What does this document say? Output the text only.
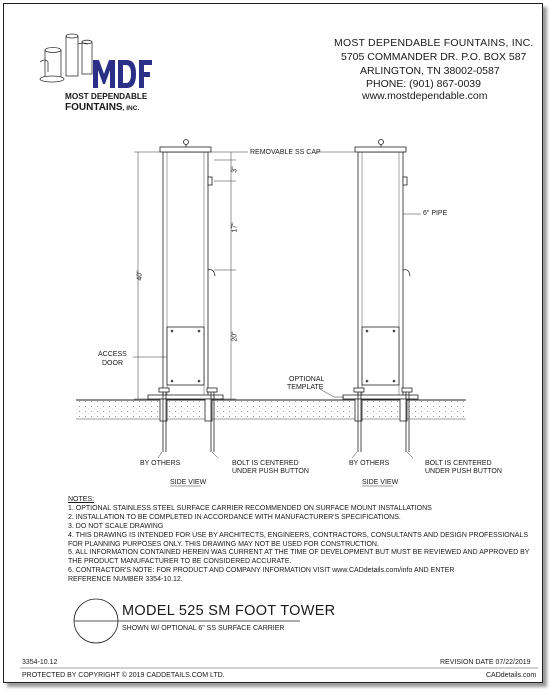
MOST DEPENDABLE
FOUNTAINS, INC.
MOST DEPENDABLE FOUNTAINS, INC.
5705 COMMANDER DR. P.O. BOX 587
ARLINGTON, TN 38002-0587
PHONE: (901) 867-0039
www.mostdependable.com
REMOVABLE SS CAP
6" PIPE
3"
17"
40"
20"
ACCESS
DOOR
OPTIONAL
TEMPLATE
BY OTHERS	BOLT IS CENTERED
UNDER PUSH BUTTON
BY OTHERS	BOLT IS CENTERED
UNDER PUSH BUTTON
SIDE VIEW	SIDE VIEW
NOTES:
1. OPTIONAL STAINLESS STEEL SURFACE CARRIER RECOMMENDED ON SURFACE MOUNT INSTALLATIONS
2. INSTALLATION TO BE COMPLETED IN ACCORDANCE WITH MANUFACTURER'S SPECIFICATIONS.
3. DO NOT SCALE DRAWING
4. THIS DRAWING IS INTENDED FOR USE BY ARCHITECTS, ENGINEERS, CONTRACTORS, CONSULTANTS AND DESIGN PROFESSIONALS
FOR PLANNING PURPOSES ONLY. THIS DRAWING MAY NOT BE USED FOR CONSTRUCTION.
5. ALL INFORMATION CONTAINED HEREIN WAS CURRENT AT THE TIME OF DEVELOPMENT BUT MUST BE REVIEWED AND APPROVED BY
THE PRODUCT MANUFACTURER TO BE CONSIDERED ACCURATE.
6. CONTRACTOR'S NOTE: FOR PRODUCT AND COMPANY INFORMATION VISIT www.CADdetails.com/info AND ENTER
REFERENCE NUMBER 3354-10.12.
MODEL 525 SM FOOT TOWER
SHOWN W/ OPTIONAL 6" SS SURFACE CARRIER
3354-10.12	REVISION DATE 07/22/2019
PROTECTED BY COPYRIGHT © 2019 CADDETAILS.COM LTD.	CADdetails.com
